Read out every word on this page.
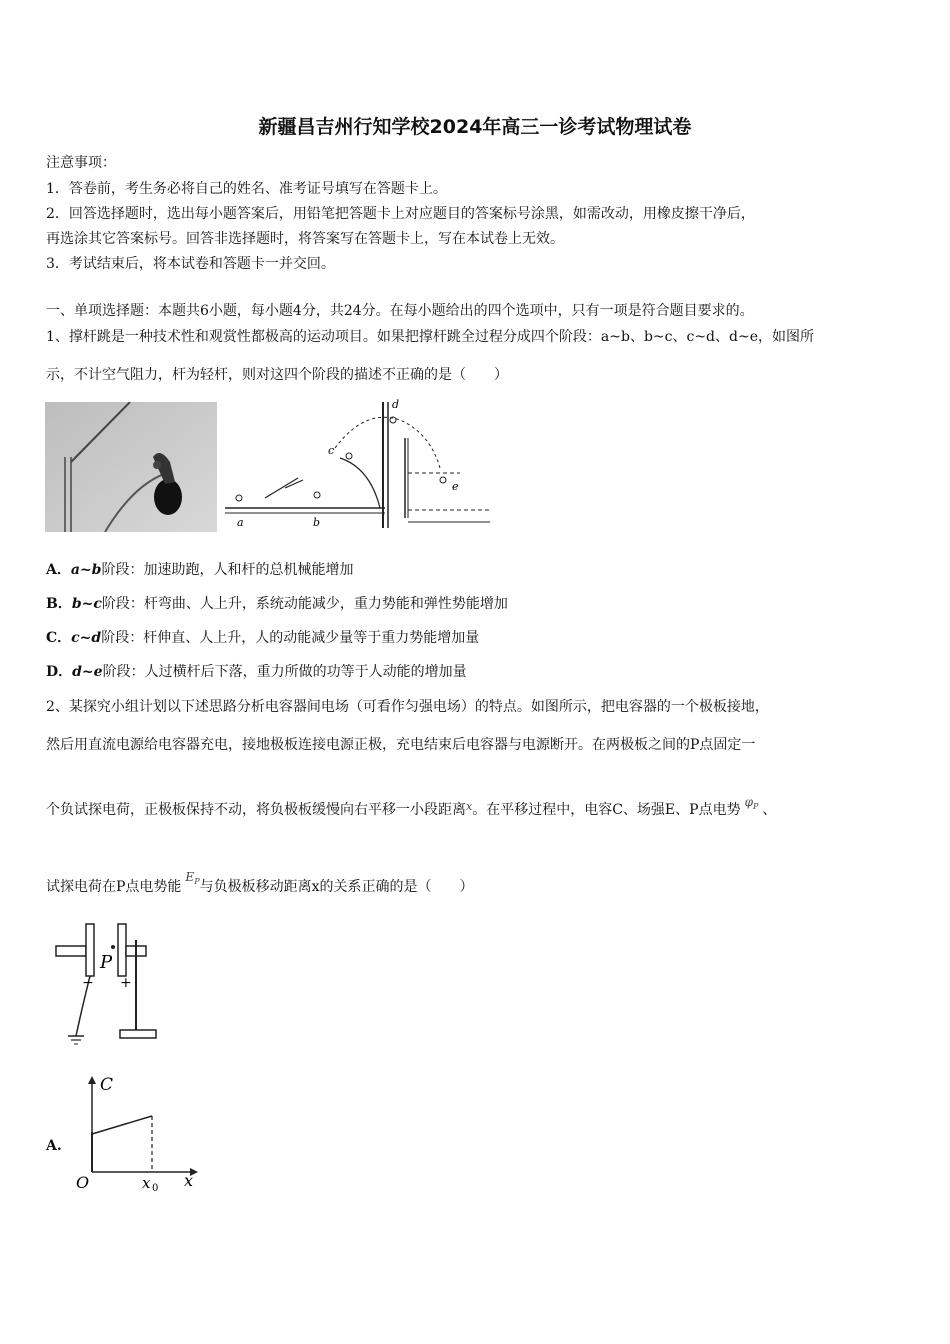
新疆昌吉州行知学校2024年高三一诊考试物理试卷
注意事项：
1．答卷前，考生务必将自己的姓名、准考证号填写在答题卡上。
2．回答选择题时，选出每小题答案后，用铅笔把答题卡上对应题目的答案标号涂黑，如需改动，用橡皮擦干净后，
再选涂其它答案标号。回答非选择题时，将答案写在答题卡上，写在本试卷上无效。
3．考试结束后，将本试卷和答题卡一并交回。
一、单项选择题：本题共6小题，每小题4分，共24分。在每小题给出的四个选项中，只有一项是符合题目要求的。
1、撑杆跳是一种技术性和观赏性都极高的运动项目。如果把撑杆跳全过程分成四个阶段：a~b、b~c、c~d、d~e，如图所
示，不计空气阻力，杆为轻杆，则对这四个阶段的描述不正确的是（　　）
a	b
c
d
e
A．a~b阶段：加速助跑，人和杆的总机械能增加
B．b~c阶段：杆弯曲、人上升，系统动能减少，重力势能和弹性势能增加
C．c~d阶段：杆伸直、人上升，人的动能减少量等于重力势能增加量
D．d~e阶段：人过横杆后下落，重力所做的功等于人动能的增加量
2、某探究小组计划以下述思路分析电容器间电场（可看作匀强电场）的特点。如图所示，把电容器的一个极板接地，
然后用直流电源给电容器充电，接地极板连接电源正极，充电结束后电容器与电源断开。在两极板之间的P点固定一
个负试探电荷，正极板保持不动，将负极板缓慢向右平移一小段距离$^x$。在平移过程中，电容C、场强E、P点电势 $\varphi^P$ 、
试探电荷在P点电势能$E^P$与负极板移动距离x的关系正确的是（　　）
P
− +
A.
C
x
O	x 0
